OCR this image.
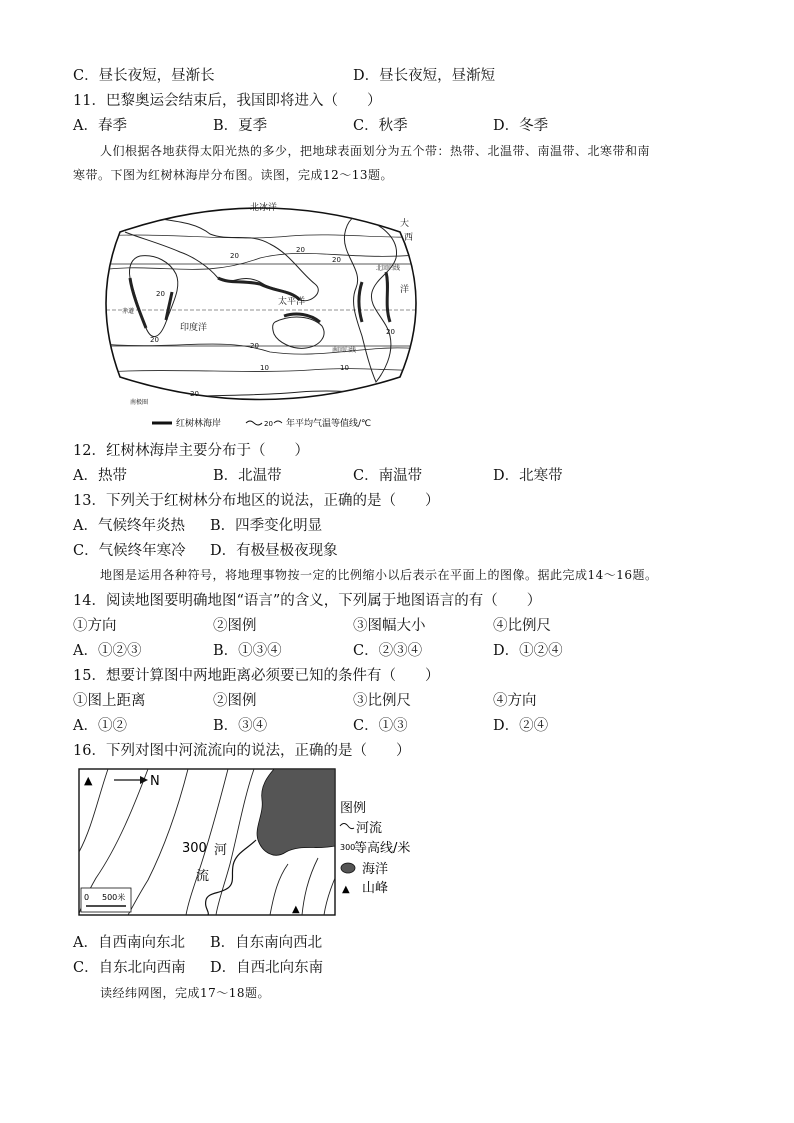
C．昼长夜短，昼渐长	D．昼长夜短，昼渐短
11．巴黎奥运会结束后，我国即将进入（　　）
A．春季	B．夏季	C．秋季	D．冬季
人们根据各地获得太阳光热的多少，把地球表面划分为五个带：热带、北温带、南温带、北寒带和南
寒带。下图为红树林海岸分布图。读图，完成12～13题。
北冰洋
太平洋
印度洋
大
西
洋
北回归线
赤道
南回归线
南极圈
20
20
20
20
10	10
20
20
20
20
红树林海岸	20 年平均气温等值线/℃
12．红树林海岸主要分布于（　　）
A．热带	B．北温带	C．南温带	D．北寒带
13．下列关于红树林分布地区的说法，正确的是（　　）
A．气候终年炎热 B．四季变化明显
C．气候终年寒冷 D．有极昼极夜现象
地图是运用各种符号，将地理事物按一定的比例缩小以后表示在平面上的图像。据此完成14～16题。
14．阅读地图要明确地图“语言”的含义，下列属于地图语言的有（　　）
①方向	②图例	③图幅大小	④比例尺
A．①②③	B．①③④	C．②③④	D．①②④
15．想要计算图中两地距离必须要已知的条件有（　　）
①图上距离	②图例	③比例尺	④方向
A．①②	B．③④	C．①③	D．②④
16．下列对图中河流流向的说法，正确的是（　　）
▲	N
300 河
流
▲
0 500米
图例
河流
300
等高线/米
海洋
▲ 山峰
A．自西南向东北 B．自东南向西北
C．自东北向西南 D．自西北向东南
读经纬网图，完成17～18题。
